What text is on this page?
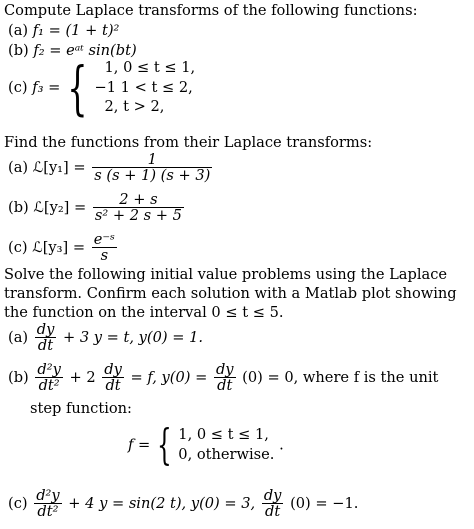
Compute Laplace transforms of the following functions:
(a) f₁ = (1 + t)²
(b) f₂ = eᵃᵗ sin(bt)
(c) f₃ = {	1, 0 ≤ t ≤ 1,
−1 1 < t ≤ 2,
2, t > 2,
Find the functions from their Laplace transforms:
(a) ℒ[y₁] = $\frac{1}{s (s + 1) (s + 3)}$
(b) ℒ[y₂] = $\frac{2 + s}{\text{s² + 2 s + 5}}$
(c) ℒ[y₃] = $\frac{\text{e⁻ˢ}}{s}$
Solve the following initial value problems using the Laplace
transform. Confirm each solution with a Matlab plot showing
the function on the interval 0 ≤ t ≤ 5.
$(a) \frac{dy}{dt} + 3$ y = t, y(0) = 1.
$(b) \frac{\text{d²y}}{\text{dt²}} + 2 \frac{dy}{dt} = f$, $y(0) = \frac{dy}{dt} (0) = 0$, where f is the unit
step function:
f = { 1, 0 ≤ t ≤ 1,
0, otherwise.
.
$(c) \frac{\text{d²y}}{\text{dt²}} + 4$ y = sin(2 t), y(0) = 3, $\frac{dy}{dt} (0) = -1$.
